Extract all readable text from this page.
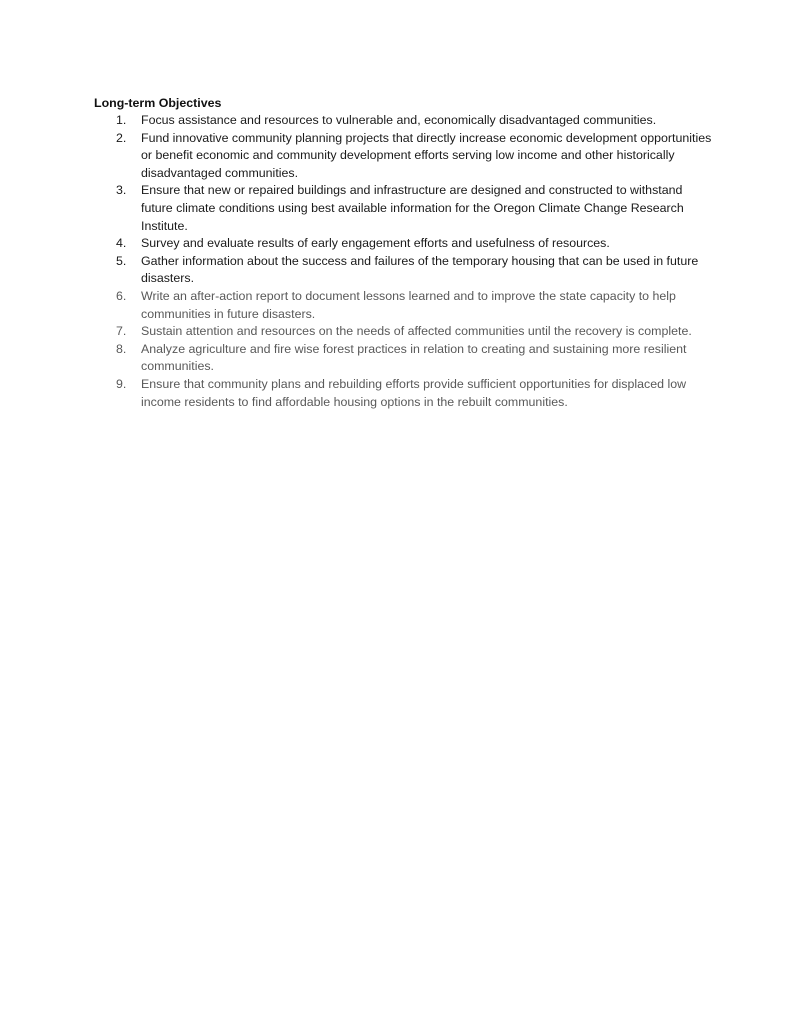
Long-term Objectives
1.	Focus assistance and resources to vulnerable and, economically disadvantaged communities.
2.	Fund innovative community planning projects that directly increase economic development opportunities or benefit economic and community development efforts serving low income and other historically disadvantaged communities.
3.	Ensure that new or repaired buildings and infrastructure are designed and constructed to withstand future climate conditions using best available information for the Oregon Climate Change Research Institute.
4.	Survey and evaluate results of early engagement efforts and usefulness of resources.
5.	Gather information about the success and failures of the temporary housing that can be used in future disasters.
6.	Write an after-action report to document lessons learned and to improve the state capacity to help communities in future disasters.
7.	Sustain attention and resources on the needs of affected communities until the recovery is complete.
8.	Analyze agriculture and fire wise forest practices in relation to creating and sustaining more resilient communities.
9.	Ensure that community plans and rebuilding efforts provide sufficient opportunities for displaced low income residents to find affordable housing options in the rebuilt communities.
